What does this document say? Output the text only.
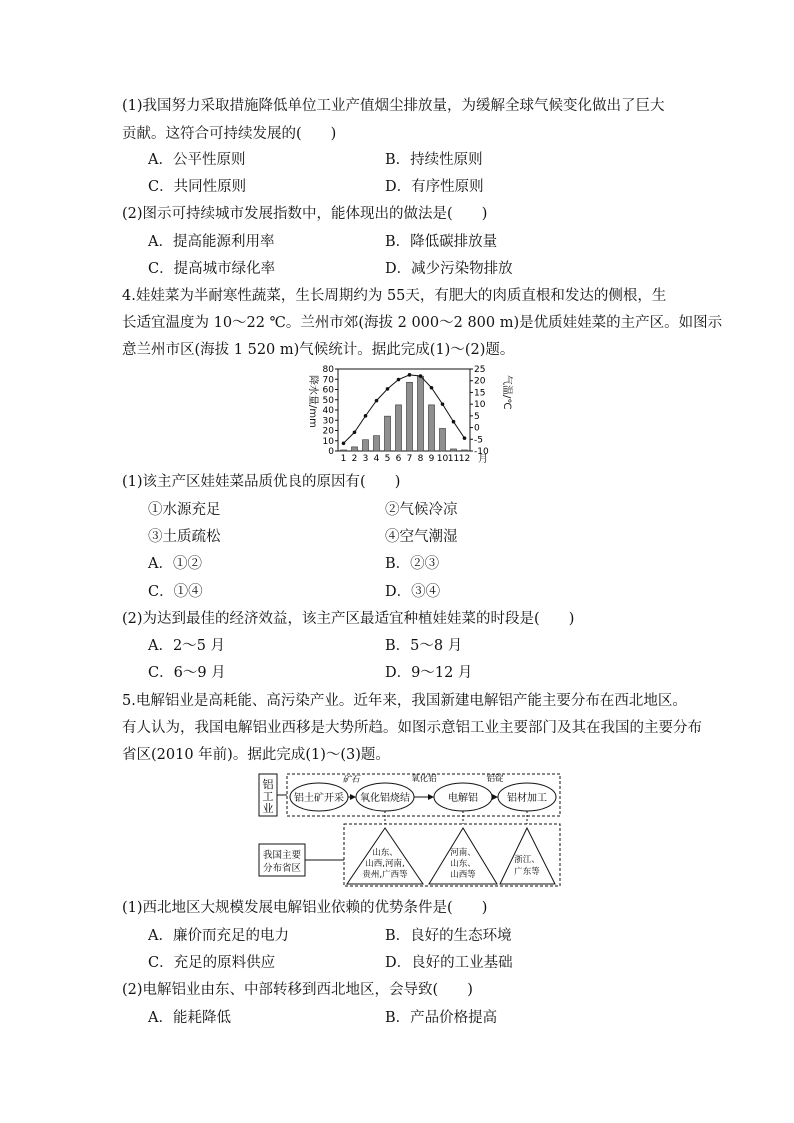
(1)我国努力采取措施降低单位工业产值烟尘排放量，为缓解全球气候变化做出了巨大
贡献。这符合可持续发展的(　　)
A．公平性原则	B．持续性原则
C．共同性原则	D．有序性原则
(2)图示可持续城市发展指数中，能体现出的做法是(　　)
A．提高能源利用率	B．降低碳排放量
C．提高城市绿化率	D．减少污染物排放
4.娃娃菜为半耐寒性蔬菜，生长周期约为 55天，有肥大的肉质直根和发达的侧根，生
长适宜温度为 10～22 ℃。兰州市郊(海拔 2 000～2 800 m)是优质娃娃菜的主产区。如图示
意兰州市区(海拔 1 520 m)气候统计。据此完成(1)～(2)题。
降水量/mm	气温/℃
月
0
10
20
30
40
50
60
70
80
-10
-5
0
5
10
15
20
25
1 2 3 4 5 6 7 8 9 10 11 12
(1)该主产区娃娃菜品质优良的原因有(　　)
①水源充足	②气候冷凉
③土质疏松	④空气潮湿
A．①②	B．②③
C．①④	D．③④
(2)为达到最佳的经济效益，该主产区最适宜种植娃娃菜的时段是(　　)
A．2～5 月	B．5～8 月
C．6～9 月	D．9～12 月
5.电解铝业是高耗能、高污染产业。近年来，我国新建电解铝产能主要分布在西北地区。
有人认为，我国电解铝业西移是大势所趋。如图示意铝工业主要部门及其在我国的主要分布
省区(2010 年前)。据此完成(1)～(3)题。
铝
工
业
铝土矿开采 氧化铝烧结	电解铝	铝材加工
矿石	氧化铝	铝锭
我国主要
分布省区
山东、
山西,河南,
贵州,广西等
河南、
山东、
山西等
浙江、
广东等
(1)西北地区大规模发展电解铝业依赖的优势条件是(　　)
A．廉价而充足的电力	B．良好的生态环境
C．充足的原料供应	D．良好的工业基础
(2)电解铝业由东、中部转移到西北地区，会导致(　　)
A．能耗降低	B．产品价格提高
